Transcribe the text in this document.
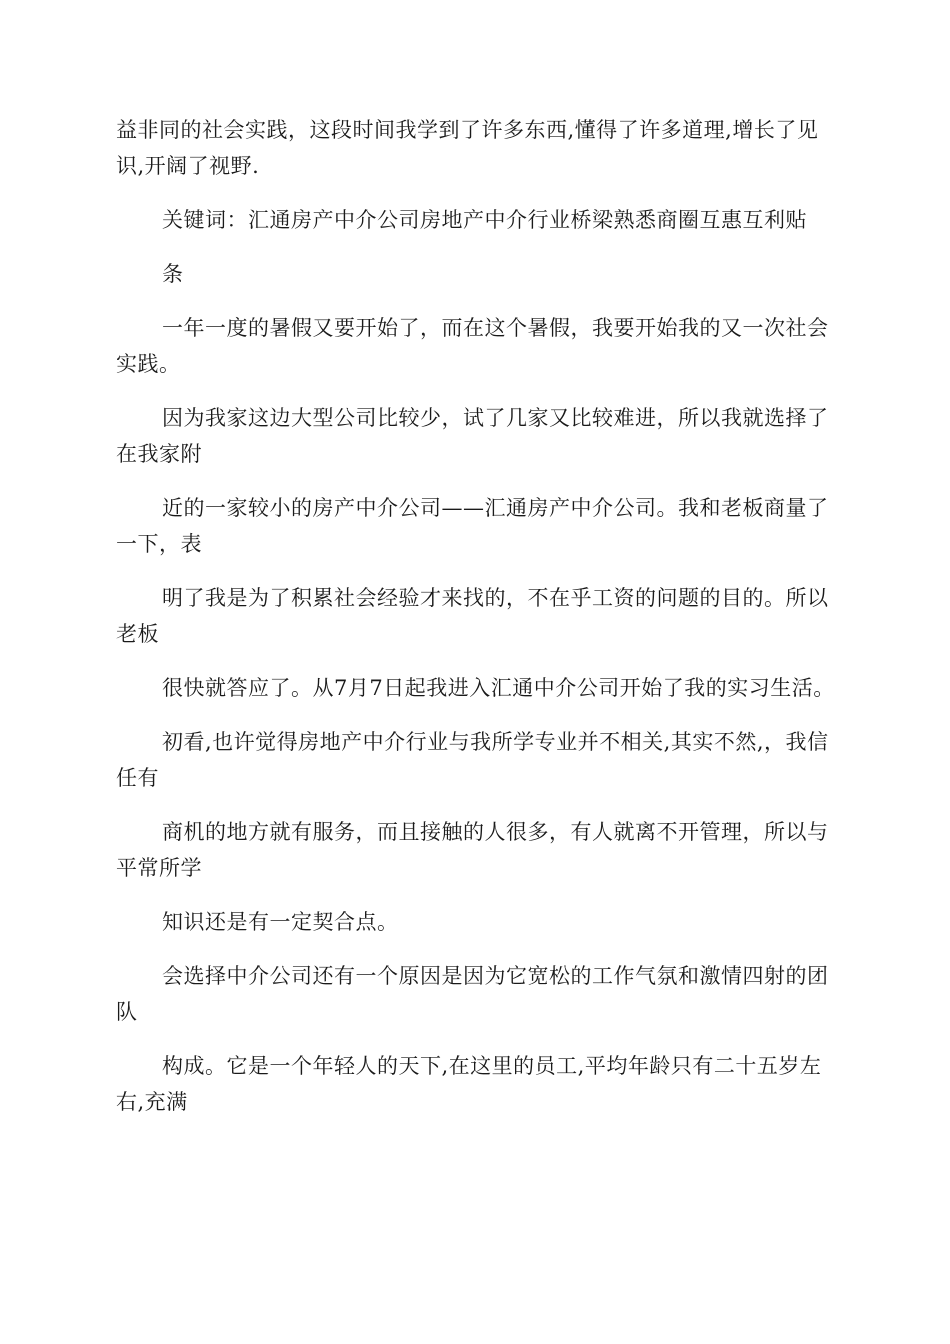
益非同的社会实践，这段时间我学到了许多东西,懂得了许多道理,增长了见识,开阔了视野.

关键词：汇通房产中介公司房地产中介行业桥梁熟悉商圈互惠互利贴

条

一年一度的暑假又要开始了，而在这个暑假，我要开始我的又一次社会实践。

因为我家这边大型公司比较少，试了几家又比较难进，所以我就选择了在我家附

近的一家较小的房产中介公司——汇通房产中介公司。我和老板商量了一下，表

明了我是为了积累社会经验才来找的，不在乎工资的问题的目的。所以老板

很快就答应了。从7月7日起我进入汇通中介公司开始了我的实习生活。

初看,也许觉得房地产中介行业与我所学专业并不相关,其实不然,，我信任有

商机的地方就有服务，而且接触的人很多，有人就离不开管理，所以与平常所学

知识还是有一定契合点。

会选择中介公司还有一个原因是因为它宽松的工作气氛和激情四射的团队

构成。它是一个年轻人的天下,在这里的员工,平均年龄只有二十五岁左右,充满
